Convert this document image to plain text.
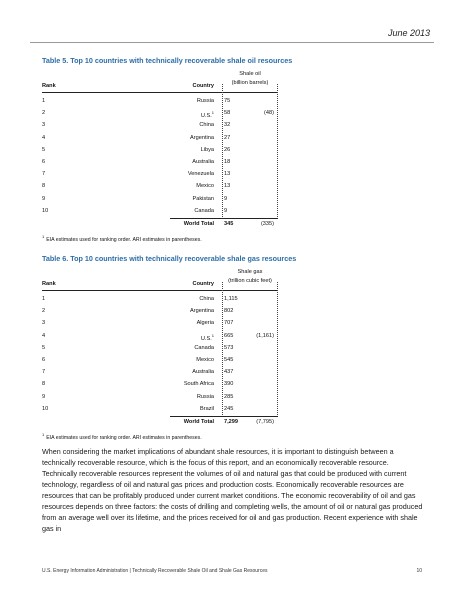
June 2013
Table 5. Top 10 countries with technically recoverable shale oil resources
Shale oil
(billion barrels)
Rank	Country
1	Russia 75
2	U.S.$^1$ 58	(48)
3	China 32
4	Argentina 27
5	Libya 26
6	Australia 18
7	Venezuela 13
8	Mexico 13
9	Pakistan 9
10	Canada 9
World Total 345	(335)
$^1$EIA estimates used for ranking order. ARI estimates in parentheses.
Table 6. Top 10 countries with technically recoverable shale gas resources
Shale gas
(trillion cubic feet)
Rank	Country
1	China 1,115
2	Argentina 802
3	Algeria 707
4	U.S.$^1$ 665	(1,161)
5	Canada 573
6	Mexico 545
7	Australia 437
8	South Africa 390
9	Russia 285
10	Brazil 245
World Total 7,299	(7,795)
$^1$EIA estimates used for ranking order. ARI estimates in parentheses.
When considering the market implications of abundant shale resources, it is important to distinguish between a technically recoverable resource, which is the focus of this report, and an economically recoverable resource. Technically recoverable resources represent the volumes of oil and natural gas that could be produced with current technology, regardless of oil and natural gas prices and production costs. Economically recoverable resources are resources that can be profitably produced under current market conditions. The economic recoverability of oil and gas resources depends on three factors: the costs of drilling and completing wells, the amount of oil or natural gas produced from an average well over its lifetime, and the prices received for oil and gas production. Recent experience with shale gas in
U.S. Energy Information Administration | Technically Recoverable Shale Oil and Shale Gas Resources	10
